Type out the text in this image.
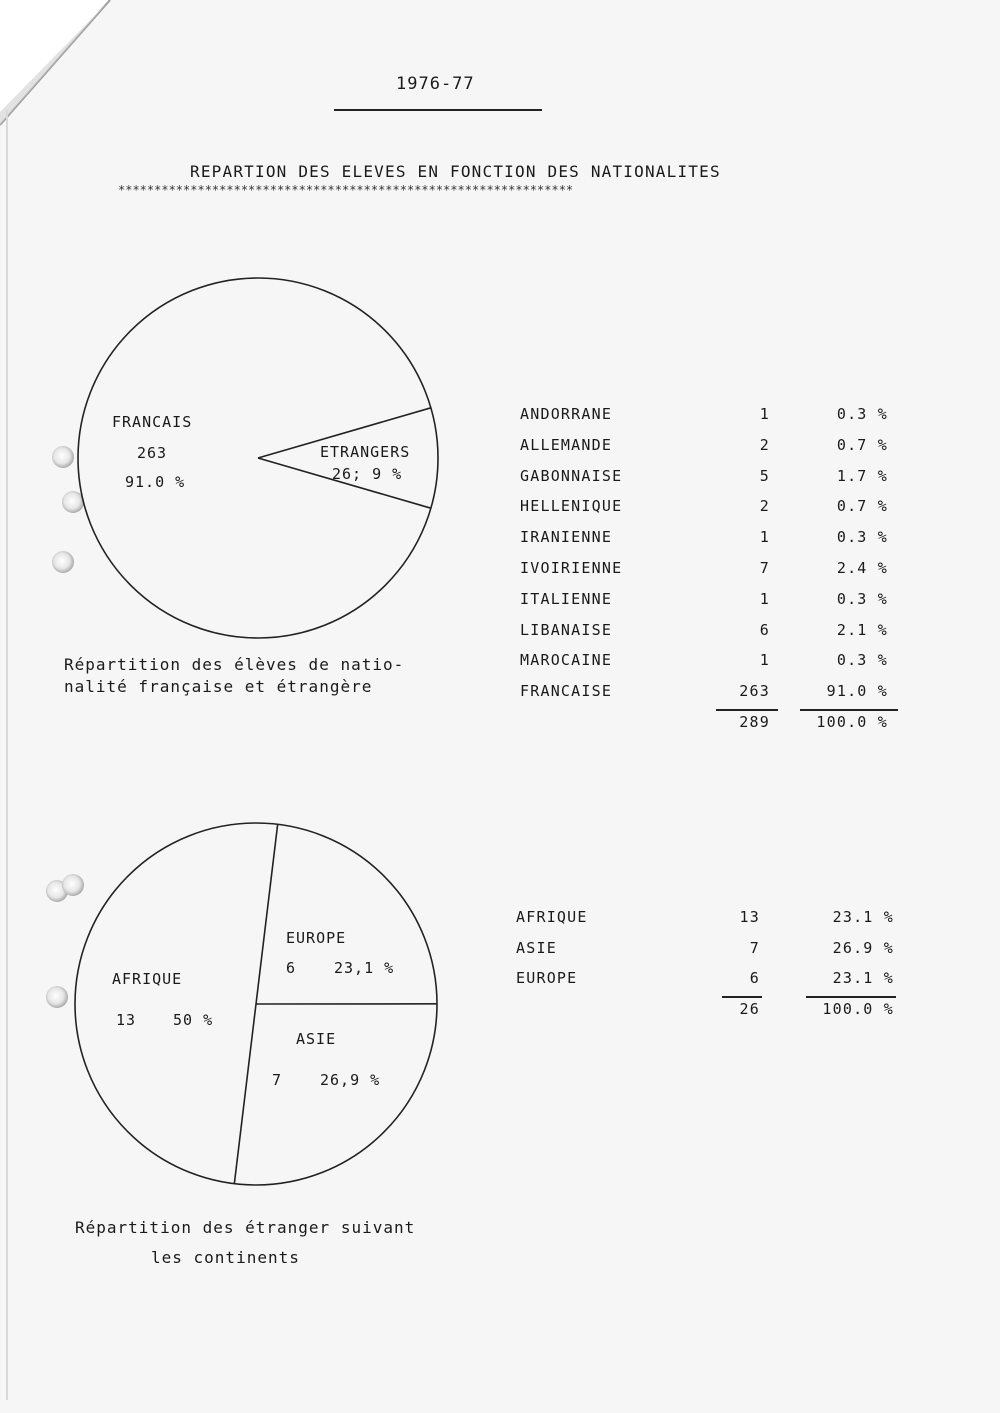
1976-77
REPARTION DES ELEVES EN FONCTION DES NATIONALITES
***************************************************************
FRANCAIS
263
91.0 %
ETRANGERS
26; 9 %
Répartition des élèves de natio-
nalité française et étrangère
ANDORRANE	1	0.3 %
ALLEMANDE	2	0.7 %
GABONNAISE	5	1.7 %
HELLENIQUE	2	0.7 %
IRANIENNE	1	0.3 %
IVOIRIENNE	7	2.4 %
ITALIENNE	1	0.3 %
LIBANAISE	6	2.1 %
MAROCAINE	1	0.3 %
FRANCAISE	263	91.0 %
289	100.0 %
AFRIQUE
13 50 %
EUROPE
6	23,1 %
ASIE
7	26,9 %
Répartition des étranger suivant
les continents
AFRIQUE	13	23.1 %
ASIE	7	26.9 %
EUROPE	6	23.1 %
26	100.0 %
